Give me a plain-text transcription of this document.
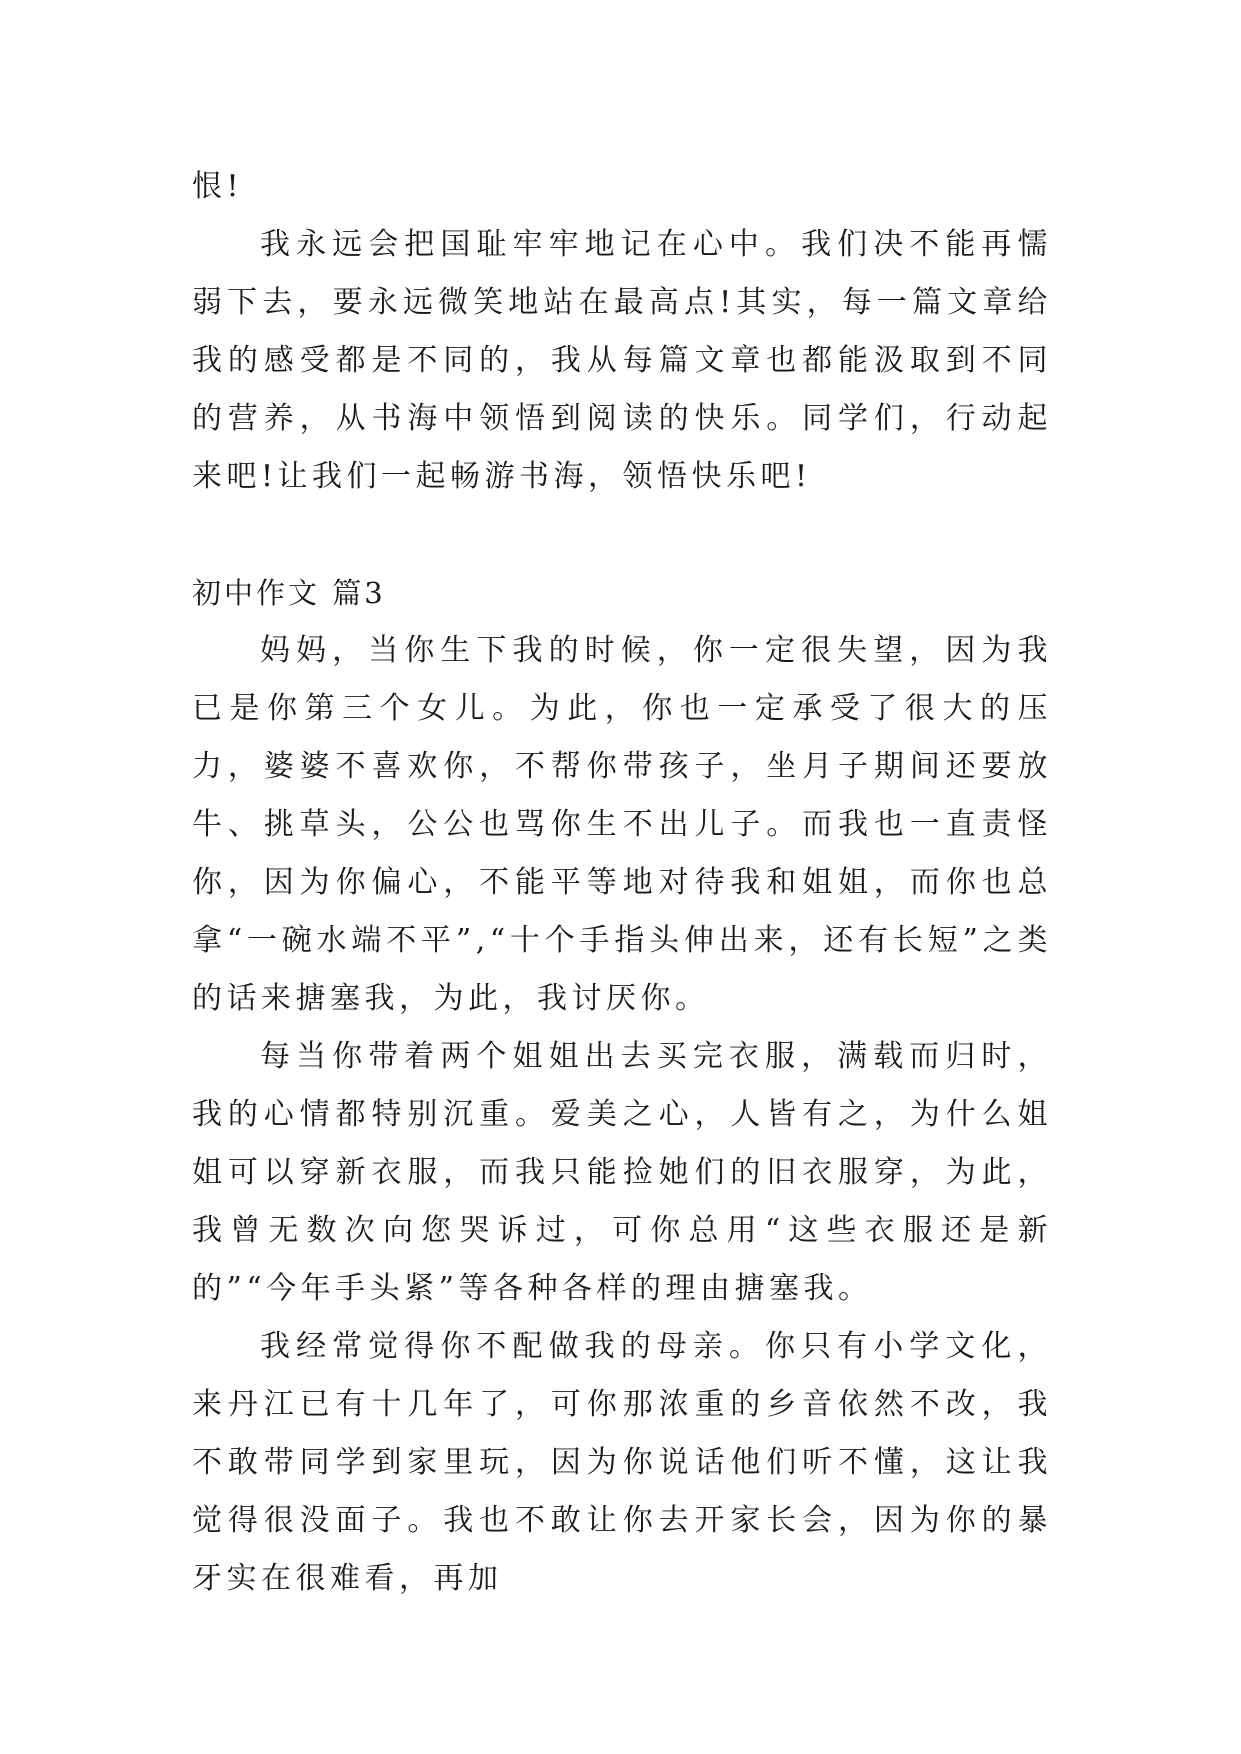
恨!

我永远会把国耻牢牢地记在心中。我们决不能再懦弱下去，要永远微笑地站在最高点!其实，每一篇文章给我的感受都是不同的，我从每篇文章也都能汲取到不同的营养，从书海中领悟到阅读的快乐。同学们，行动起来吧!让我们一起畅游书海，领悟快乐吧!

初中作文 篇3

妈妈，当你生下我的时候，你一定很失望，因为我已是你第三个女儿。为此，你也一定承受了很大的压力，婆婆不喜欢你，不帮你带孩子，坐月子期间还要放牛、挑草头，公公也骂你生不出儿子。而我也一直责怪你，因为你偏心，不能平等地对待我和姐姐，而你也总拿“一碗水端不平”,“十个手指头伸出来，还有长短”之类的话来搪塞我，为此，我讨厌你。

每当你带着两个姐姐出去买完衣服，满载而归时，我的心情都特别沉重。爱美之心，人皆有之，为什么姐姐可以穿新衣服，而我只能捡她们的旧衣服穿，为此，我曾无数次向您哭诉过，可你总用“这些衣服还是新的”“今年手头紧”等各种各样的理由搪塞我。

我经常觉得你不配做我的母亲。你只有小学文化，来丹江已有十几年了，可你那浓重的乡音依然不改，我不敢带同学到家里玩，因为你说话他们听不懂，这让我觉得很没面子。我也不敢让你去开家长会，因为你的暴牙实在很难看，再加
